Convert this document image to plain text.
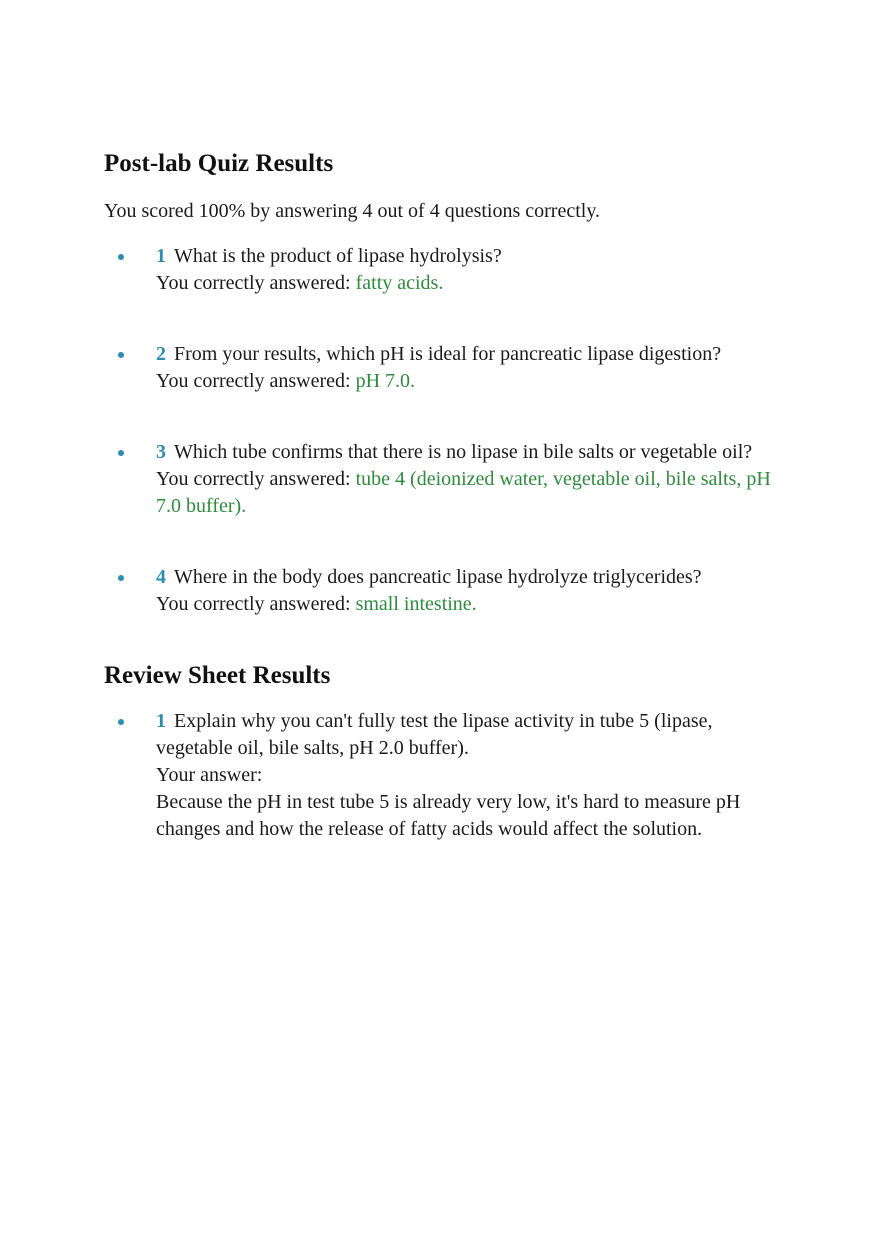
Post-lab Quiz Results

You scored 100% by answering 4 out of 4 questions correctly.

1 What is the product of lipase hydrolysis?
You correctly answered: fatty acids.
2 From your results, which pH is ideal for pancreatic lipase digestion?
You correctly answered: pH 7.0.
3 Which tube confirms that there is no lipase in bile salts or vegetable oil?
You correctly answered: tube 4 (deionized water, vegetable oil, bile salts, pH 7.0 buffer).
4 Where in the body does pancreatic lipase hydrolyze triglycerides?
You correctly answered: small intestine.
Review Sheet Results
1 Explain why you can't fully test the lipase activity in tube 5 (lipase, vegetable oil, bile salts, pH 2.0 buffer).
Your answer:
Because the pH in test tube 5 is already very low, it's hard to measure pH changes and how the release of fatty acids would affect the solution.
